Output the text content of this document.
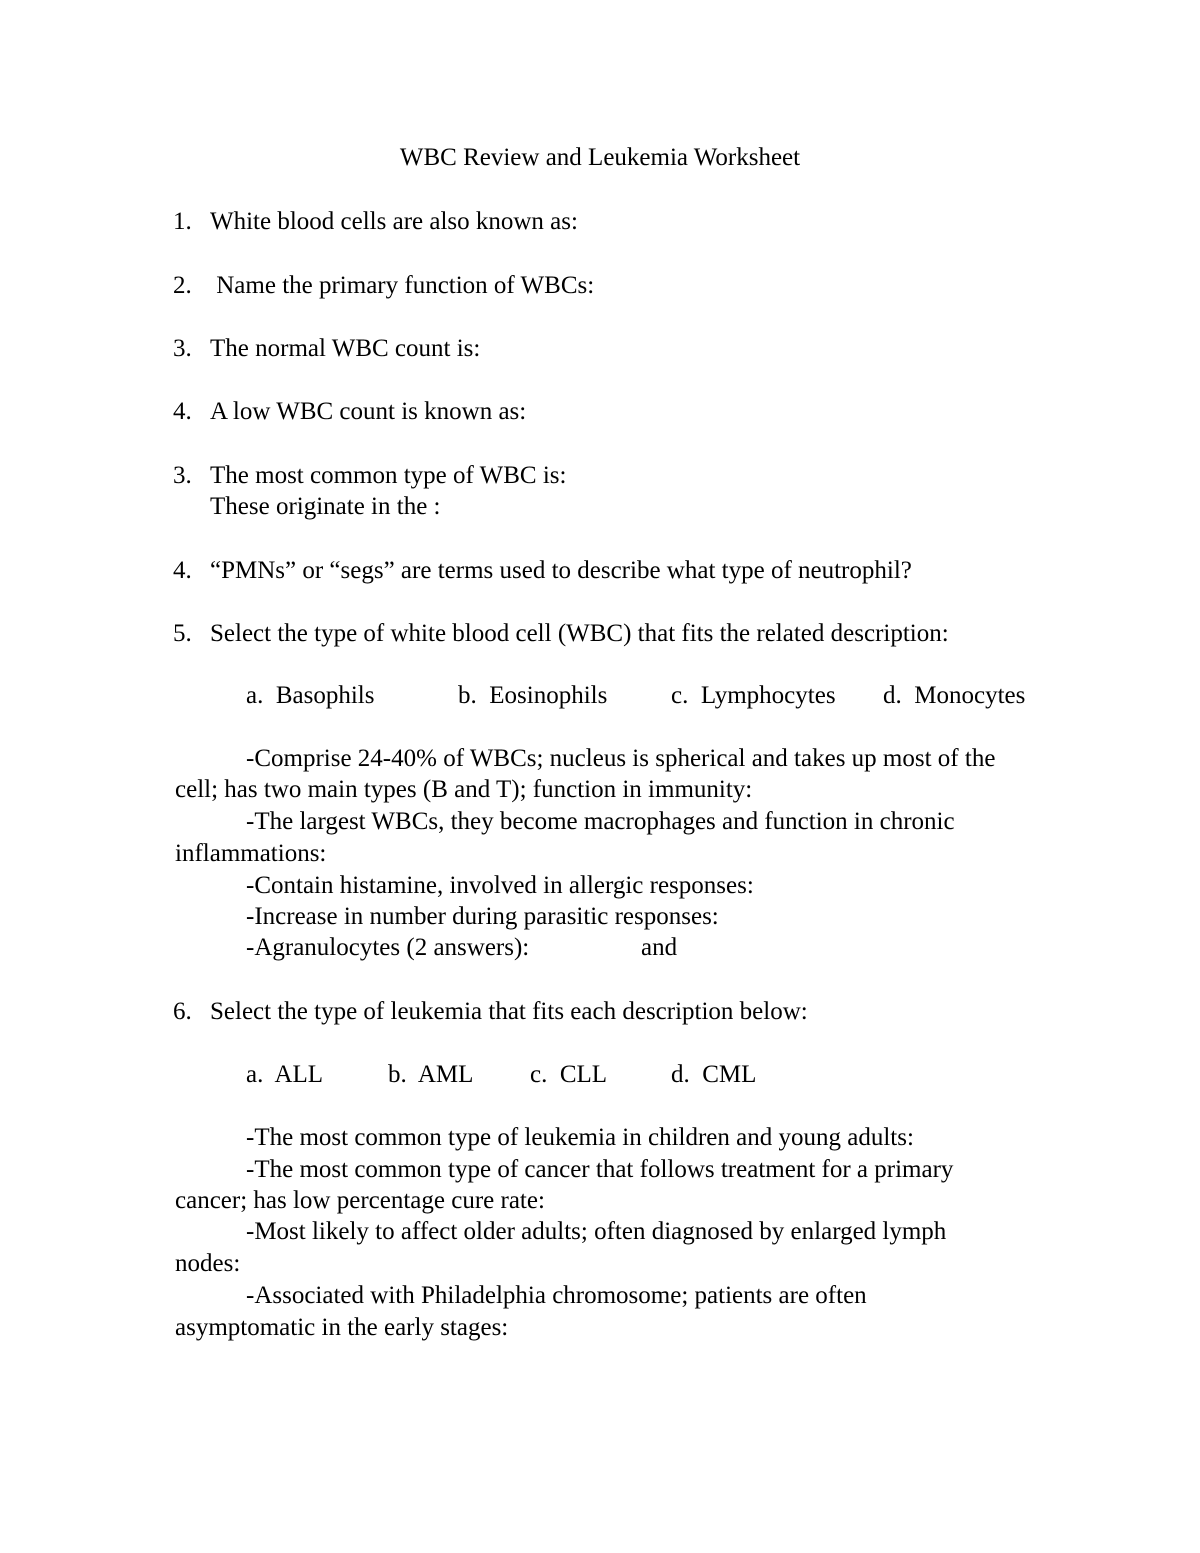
WBC Review and Leukemia Worksheet
1. White blood cells are also known as:
2. Name the primary function of WBCs:
3. The normal WBC count is:
4. A low WBC count is known as:
3. The most common type of WBC is:
These originate in the :
4. “PMNs” or “segs” are terms used to describe what type of neutrophil?
5. Select the type of white blood cell (WBC) that fits the related description:
a.  Basophils	b.  Eosinophils	c.  Lymphocytes d.  Monocytes
-Comprise 24-40% of WBCs; nucleus is spherical and takes up most of the
cell; has two main types (B and T); function in immunity:
-The largest WBCs, they become macrophages and function in chronic
inflammations:
-Contain histamine, involved in allergic responses:
-Increase in number during parasitic responses:
-Agranulocytes (2 answers):	and
6. Select the type of leukemia that fits each description below:
a.  ALL	b.  AML c.  CLL	d.  CML
-The most common type of leukemia in children and young adults:
-The most common type of cancer that follows treatment for a primary
cancer; has low percentage cure rate:
-Most likely to affect older adults; often diagnosed by enlarged lymph
nodes:
-Associated with Philadelphia chromosome; patients are often
asymptomatic in the early stages:
